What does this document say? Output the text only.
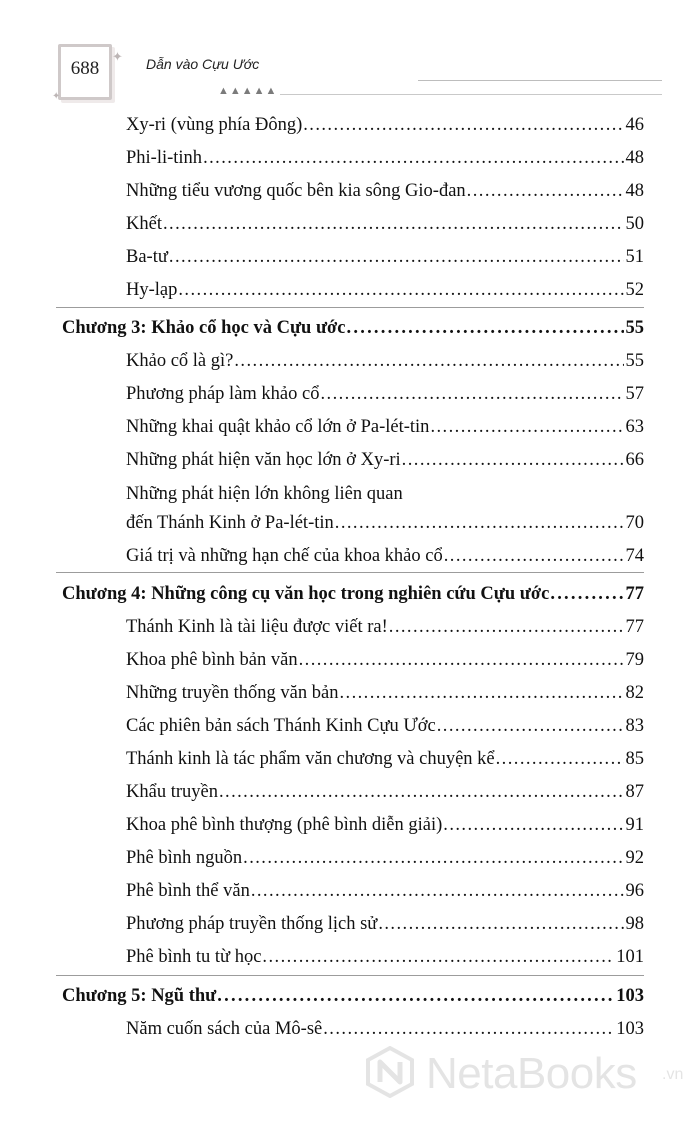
✦
✦
688	Dẫn vào Cựu Ước
▲▲▲▲▲
Xy-ri (vùng phía Đông) . . .	46
Phi-li-tinh . . .	48
Những tiểu vương quốc bên kia sông Gio-đan . . .	48
Khết . . .	50
Ba-tư . . .	51
Hy-lạp . . .	52
Chương 3: Khảo cổ học và Cựu ước . . .	55
Khảo cổ là gì? . . .	55
Phương pháp làm khảo cổ . . .	57
Những khai quật khảo cổ lớn ở Pa-lét-tin . . .	63
Những phát hiện văn học lớn ở Xy-ri . . .	66
Những phát hiện lớn không liên quan
đến Thánh Kinh ở Pa-lét-tin . . .	70
Giá trị và những hạn chế của khoa khảo cổ . . .	74
Chương 4: Những công cụ văn học trong nghiên cứu Cựu ước . . .	77
Thánh Kinh là tài liệu được viết ra! . . .	77
Khoa phê bình bản văn . . .	79
Những truyền thống văn bản . . .	82
Các phiên bản sách Thánh Kinh Cựu Ước . . .	83
Thánh kinh là tác phẩm văn chương và chuyện kể . . .	85
Khẩu truyền . . .	87
Khoa phê bình thượng (phê bình diễn giải) . . .	91
Phê bình nguồn . . .	92
Phê bình thể văn . . .	96
Phương pháp truyền thống lịch sử . . .	98
Phê bình tu từ học . . .	101
Chương 5: Ngũ thư . . .	103
Năm cuốn sách của Mô-sê . . .	103
NetaBooks .vn
